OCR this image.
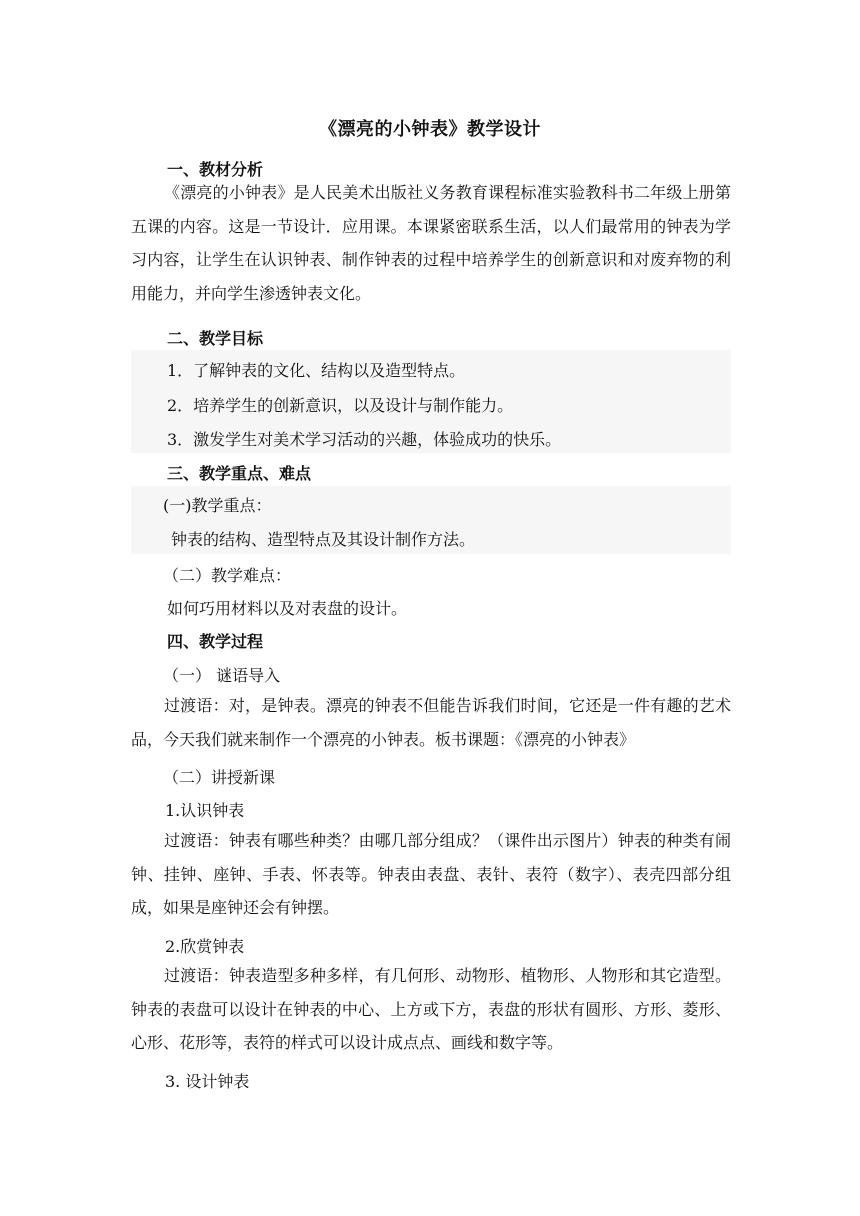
《漂亮的小钟表》教学设计
一、教材分析
《漂亮的小钟表》是人民美术出版社义务教育课程标准实验教科书二年级上册第五课的内容。这是一节设计．应用课。本课紧密联系生活，以人们最常用的钟表为学习内容，让学生在认识钟表、制作钟表的过程中培养学生的创新意识和对废弃物的利用能力，并向学生渗透钟表文化。
二、教学目标
1．了解钟表的文化、结构以及造型特点。
2．培养学生的创新意识，以及设计与制作能力。
3．激发学生对美术学习活动的兴趣，体验成功的快乐。
三、教学重点、难点
(一)教学重点：
钟表的结构、造型特点及其设计制作方法。
（二）教学难点：
如何巧用材料以及对表盘的设计。
四、教学过程
（一） 谜语导入
过渡语：对，是钟表。漂亮的钟表不但能告诉我们时间，它还是一件有趣的艺术品，今天我们就来制作一个漂亮的小钟表。板书课题：《漂亮的小钟表》
（二）讲授新课
1.认识钟表
过渡语：钟表有哪些种类？由哪几部分组成？（课件出示图片）钟表的种类有闹钟、挂钟、座钟、手表、怀表等。钟表由表盘、表针、表符（数字）、表壳四部分组成，如果是座钟还会有钟摆。
2.欣赏钟表
过渡语：钟表造型多种多样，有几何形、动物形、植物形、人物形和其它造型。钟表的表盘可以设计在钟表的中心、上方或下方，表盘的形状有圆形、方形、菱形、心形、花形等，表符的样式可以设计成点点、画线和数字等。
3. 设计钟表
